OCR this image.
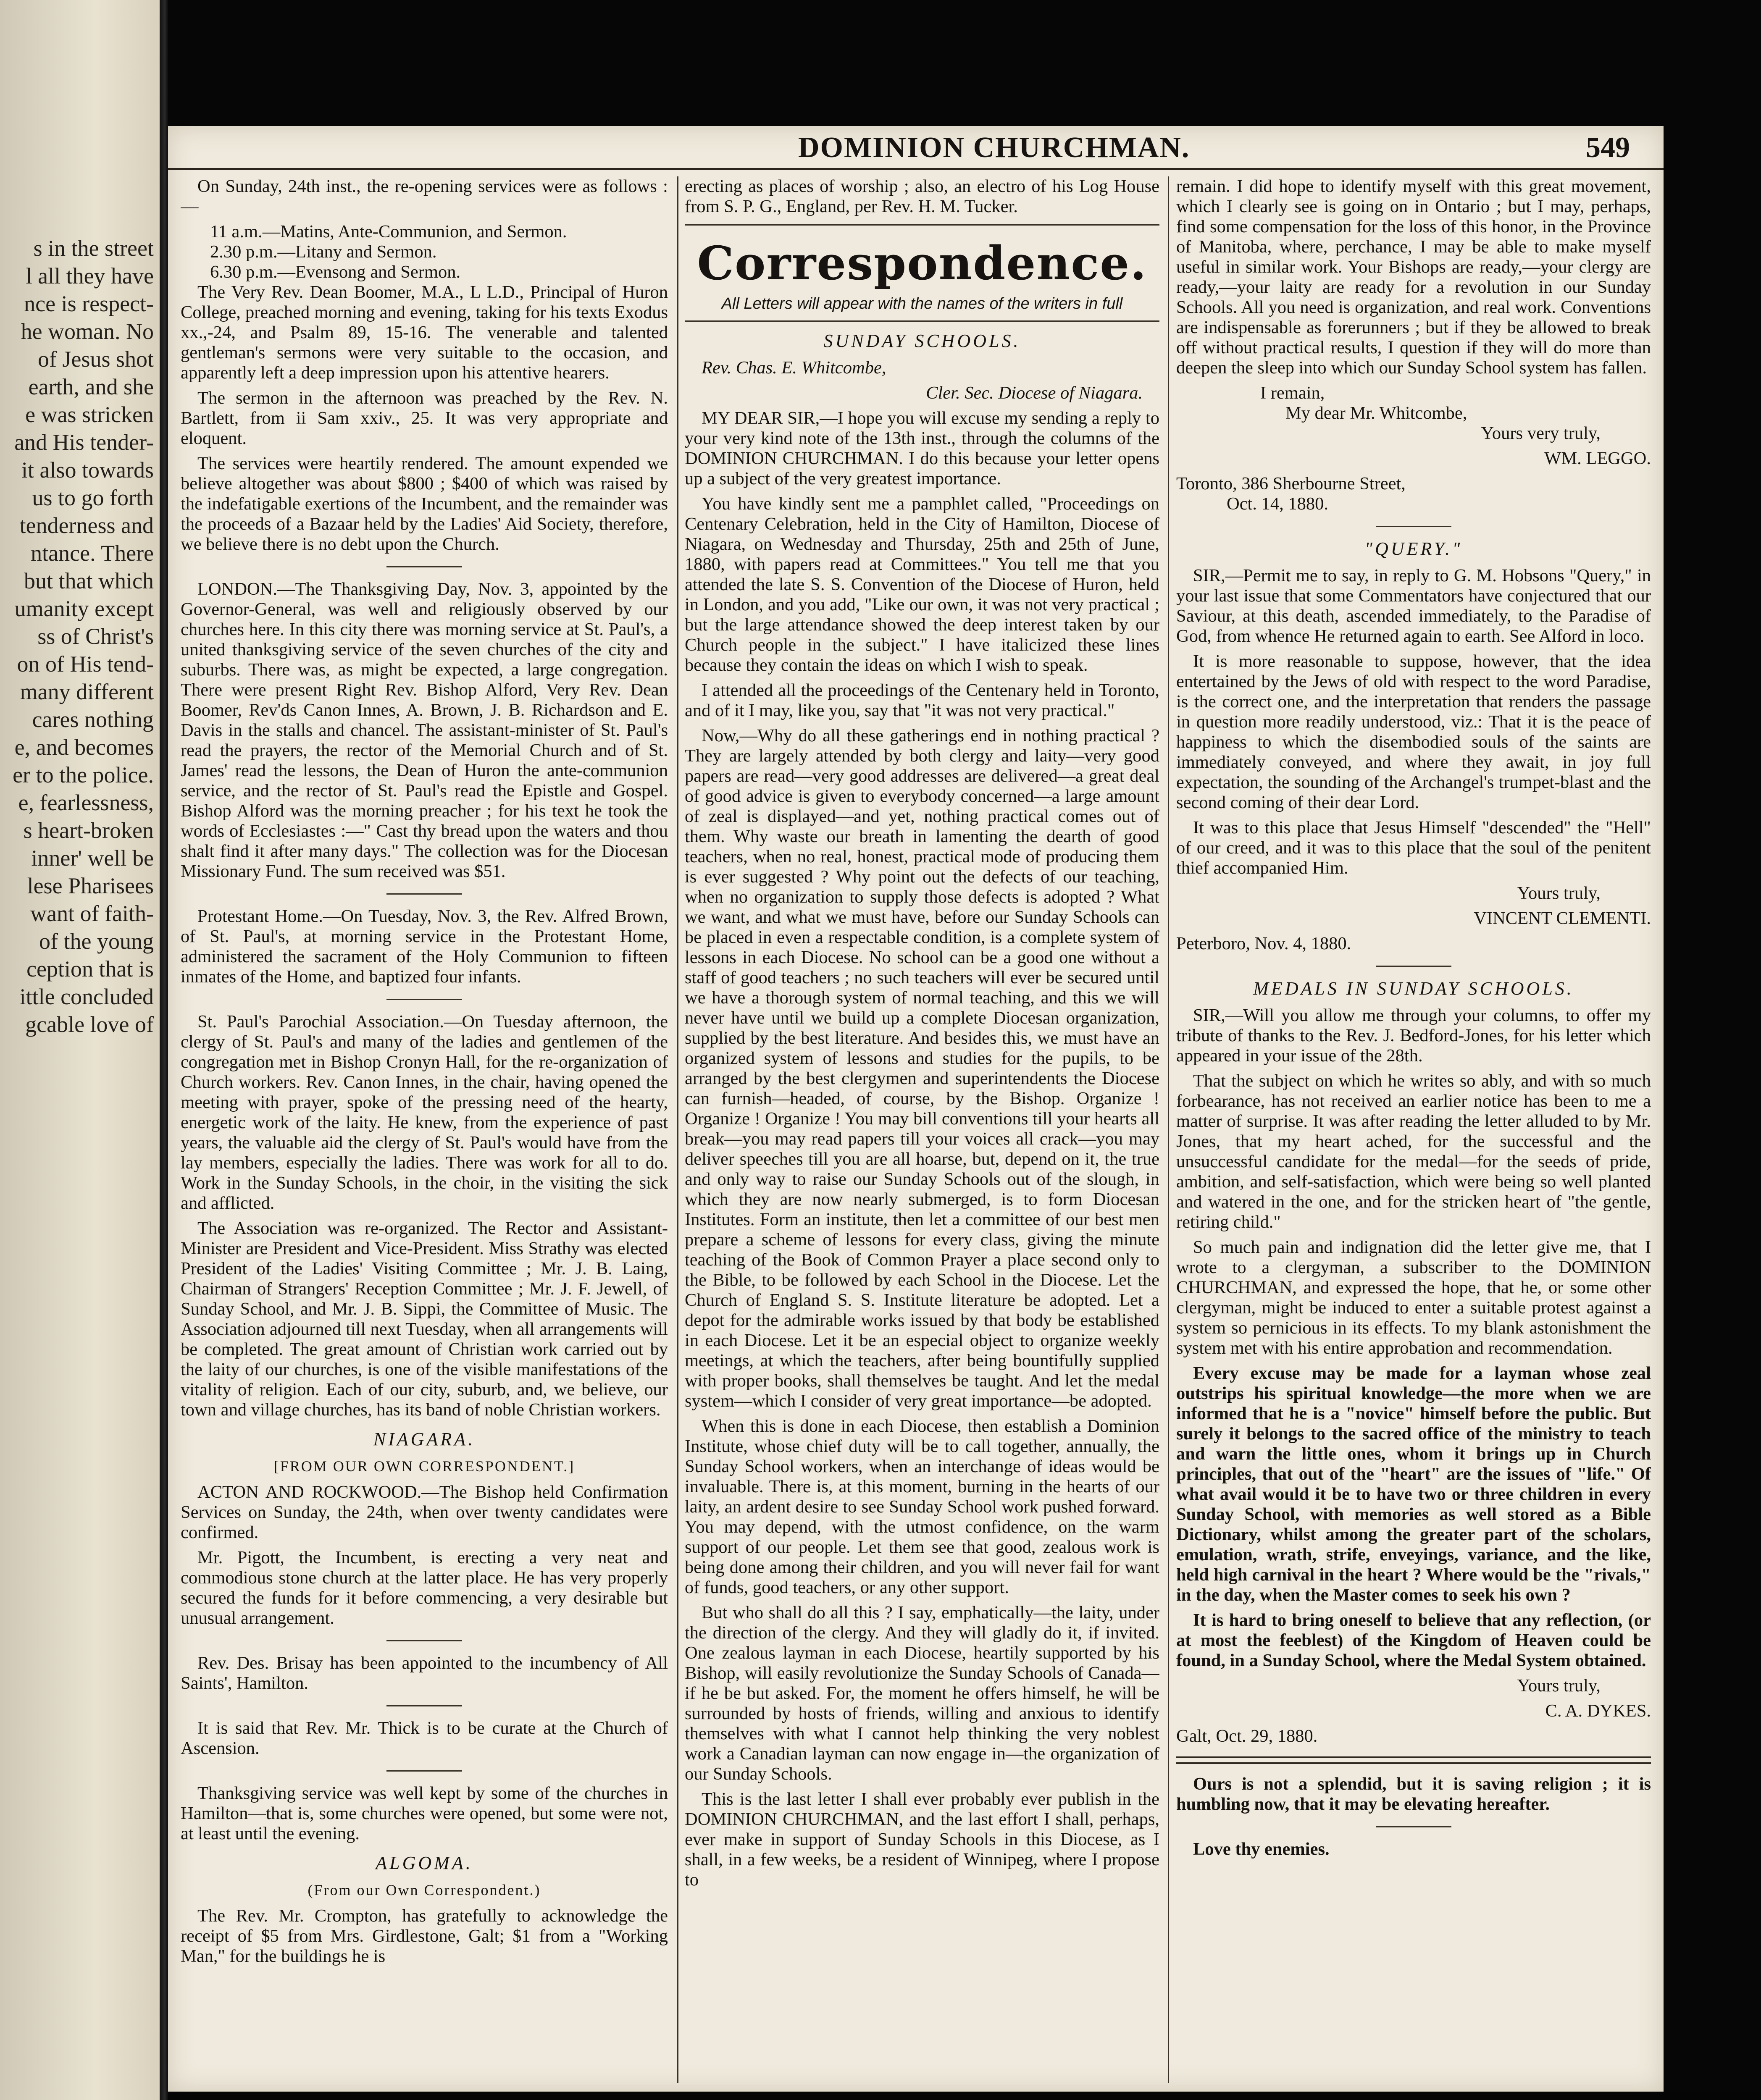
s in the street
l all they have
nce is respect-
he woman. No
of Jesus shot
earth, and she
e was stricken
and His tender-
it also towards
us to go forth
tenderness and
ntance. There
but that which
umanity except
ss of Christ's
on of His tend-
many different
cares nothing
e, and becomes
er to the police.
e, fearlessness,
s heart-broken
inner' well be
lese Pharisees
want of faith-
of the young
ception that is
ittle concluded
gcable love of
DOMINION CHURCHMAN.	549

On Sunday, 24th inst., the re-opening services were as follows :—

11 a.m.—Matins, Ante-Communion, and Sermon.

2.30 p.m.—Litany and Sermon.

6.30 p.m.—Evensong and Sermon.

The Very Rev. Dean Boomer, M.A., L L.D., Principal of Huron College, preached morning and evening, taking for his texts Exodus xx.,-24, and Psalm 89, 15-16. The venerable and talented gentleman's sermons were very suitable to the occasion, and apparently left a deep impression upon his attentive hearers.

The sermon in the afternoon was preached by the Rev. N. Bartlett, from ii Sam xxiv., 25. It was very appropriate and eloquent.

The services were heartily rendered. The amount expended we believe altogether was about $800 ; $400 of which was raised by the indefatigable exertions of the Incumbent, and the remainder was the proceeds of a Bazaar held by the Ladies' Aid Society, therefore, we believe there is no debt upon the Church.

LONDON.—The Thanksgiving Day, Nov. 3, appointed by the Governor-General, was well and religiously observed by our churches here. In this city there was morning service at St. Paul's, a united thanksgiving service of the seven churches of the city and suburbs. There was, as might be expected, a large congregation. There were present Right Rev. Bishop Alford, Very Rev. Dean Boomer, Rev'ds Canon Innes, A. Brown, J. B. Richardson and E. Davis in the stalls and chancel. The assistant-minister of St. Paul's read the prayers, the rector of the Memorial Church and of St. James' read the lessons, the Dean of Huron the ante-communion service, and the rector of St. Paul's read the Epistle and Gospel. Bishop Alford was the morning preacher ; for his text he took the words of Ecclesiastes :—" Cast thy bread upon the waters and thou shalt find it after many days." The collection was for the Diocesan Missionary Fund. The sum received was $51.

Protestant Home.—On Tuesday, Nov. 3, the Rev. Alfred Brown, of St. Paul's, at morning service in the Protestant Home, administered the sacrament of the Holy Communion to fifteen inmates of the Home, and baptized four infants.

St. Paul's Parochial Association.—On Tuesday afternoon, the clergy of St. Paul's and many of the ladies and gentlemen of the congregation met in Bishop Cronyn Hall, for the re-organization of Church workers. Rev. Canon Innes, in the chair, having opened the meeting with prayer, spoke of the pressing need of the hearty, energetic work of the laity. He knew, from the experience of past years, the valuable aid the clergy of St. Paul's would have from the lay members, especially the ladies. There was work for all to do. Work in the Sunday Schools, in the choir, in the visiting the sick and afflicted.

The Association was re-organized. The Rector and Assistant-Minister are President and Vice-President. Miss Strathy was elected President of the Ladies' Visiting Committee ; Mr. J. B. Laing, Chairman of Strangers' Reception Committee ; Mr. J. F. Jewell, of Sunday School, and Mr. J. B. Sippi, the Committee of Music. The Association adjourned till next Tuesday, when all arrangements will be completed. The great amount of Christian work carried out by the laity of our churches, is one of the visible manifestations of the vitality of religion. Each of our city, suburb, and, we believe, our town and village churches, has its band of noble Christian workers.

NIAGARA.
[FROM OUR OWN CORRESPONDENT.]

ACTON AND ROCKWOOD.—The Bishop held Confirmation Services on Sunday, the 24th, when over twenty candidates were confirmed.

Mr. Pigott, the Incumbent, is erecting a very neat and commodious stone church at the latter place. He has very properly secured the funds for it before commencing, a very desirable but unusual arrangement.

Rev. Des. Brisay has been appointed to the incumbency of All Saints', Hamilton.

It is said that Rev. Mr. Thick is to be curate at the Church of Ascension.

Thanksgiving service was well kept by some of the churches in Hamilton—that is, some churches were opened, but some were not, at least until the evening.

ALGOMA.
(From our Own Correspondent.)

The Rev. Mr. Crompton, has gratefully to acknowledge the receipt of $5 from Mrs. Girdlestone, Galt; $1 from a "Working Man," for the buildings he is

erecting as places of worship ; also, an electro of his Log House from S. P. G., England, per Rev. H. M. Tucker.

Correspondence.
All Letters will appear with the names of the writers in full
SUNDAY SCHOOLS.

Rev. Chas. E. Whitcombe,

Cler. Sec. Diocese of Niagara.

MY DEAR SIR,—I hope you will excuse my sending a reply to your very kind note of the 13th inst., through the columns of the DOMINION CHURCHMAN. I do this because your letter opens up a subject of the very greatest importance.

You have kindly sent me a pamphlet called, "Proceedings on Centenary Celebration, held in the City of Hamilton, Diocese of Niagara, on Wednesday and Thursday, 25th and 25th of June, 1880, with papers read at Committees." You tell me that you attended the late S. S. Convention of the Diocese of Huron, held in London, and you add, "Like our own, it was not very practical ; but the large attendance showed the deep interest taken by our Church people in the subject." I have italicized these lines because they contain the ideas on which I wish to speak.

I attended all the proceedings of the Centenary held in Toronto, and of it I may, like you, say that "it was not very practical."

Now,—Why do all these gatherings end in nothing practical ? They are largely attended by both clergy and laity—very good papers are read—very good addresses are delivered—a great deal of good advice is given to everybody concerned—a large amount of zeal is displayed—and yet, nothing practical comes out of them. Why waste our breath in lamenting the dearth of good teachers, when no real, honest, practical mode of producing them is ever suggested ? Why point out the defects of our teaching, when no organization to supply those defects is adopted ? What we want, and what we must have, before our Sunday Schools can be placed in even a respectable condition, is a complete system of lessons in each Diocese. No school can be a good one without a staff of good teachers ; no such teachers will ever be secured until we have a thorough system of normal teaching, and this we will never have until we build up a complete Diocesan organization, supplied by the best literature. And besides this, we must have an organized system of lessons and studies for the pupils, to be arranged by the best clergymen and superintendents the Diocese can furnish—headed, of course, by the Bishop. Organize ! Organize ! Organize ! You may bill conventions till your hearts all break—you may read papers till your voices all crack—you may deliver speeches till you are all hoarse, but, depend on it, the true and only way to raise our Sunday Schools out of the slough, in which they are now nearly submerged, is to form Diocesan Institutes. Form an institute, then let a committee of our best men prepare a scheme of lessons for every class, giving the minute teaching of the Book of Common Prayer a place second only to the Bible, to be followed by each School in the Diocese. Let the Church of England S. S. Institute literature be adopted. Let a depot for the admirable works issued by that body be established in each Diocese. Let it be an especial object to organize weekly meetings, at which the teachers, after being bountifully supplied with proper books, shall themselves be taught. And let the medal system—which I consider of very great importance—be adopted.

When this is done in each Diocese, then establish a Dominion Institute, whose chief duty will be to call together, annually, the Sunday School workers, when an interchange of ideas would be invaluable. There is, at this moment, burning in the hearts of our laity, an ardent desire to see Sunday School work pushed forward. You may depend, with the utmost confidence, on the warm support of our people. Let them see that good, zealous work is being done among their children, and you will never fail for want of funds, good teachers, or any other support.

But who shall do all this ? I say, emphatically—the laity, under the direction of the clergy. And they will gladly do it, if invited. One zealous layman in each Diocese, heartily supported by his Bishop, will easily revolutionize the Sunday Schools of Canada—if he be but asked. For, the moment he offers himself, he will be surrounded by hosts of friends, willing and anxious to identify themselves with what I cannot help thinking the very noblest work a Canadian layman can now engage in—the organization of our Sunday Schools.

This is the last letter I shall ever probably ever publish in the DOMINION CHURCHMAN, and the last effort I shall, perhaps, ever make in support of Sunday Schools in this Diocese, as I shall, in a few weeks, be a resident of Winnipeg, where I propose to

remain. I did hope to identify myself with this great movement, which I clearly see is going on in Ontario ; but I may, perhaps, find some compensation for the loss of this honor, in the Province of Manitoba, where, perchance, I may be able to make myself useful in similar work. Your Bishops are ready,—your clergy are ready,—your laity are ready for a revolution in our Sunday Schools. All you need is organization, and real work. Conventions are indispensable as forerunners ; but if they be allowed to break off without practical results, I question if they will do more than deepen the sleep into which our Sunday School system has fallen.

I remain,

My dear Mr. Whitcombe,

Yours very truly,

WM. LEGGO.

Toronto, 386 Sherbourne Street,

Oct. 14, 1880.

"QUERY."

SIR,—Permit me to say, in reply to G. M. Hobsons "Query," in your last issue that some Commentators have conjectured that our Saviour, at this death, ascended immediately, to the Paradise of God, from whence He returned again to earth. See Alford in loco.

It is more reasonable to suppose, however, that the idea entertained by the Jews of old with respect to the word Paradise, is the correct one, and the interpretation that renders the passage in question more readily understood, viz.: That it is the peace of happiness to which the disembodied souls of the saints are immediately conveyed, and where they await, in joy full expectation, the sounding of the Archangel's trumpet-blast and the second coming of their dear Lord.

It was to this place that Jesus Himself "descended" the "Hell" of our creed, and it was to this place that the soul of the penitent thief accompanied Him.

Yours truly,

VINCENT CLEMENTI.

Peterboro, Nov. 4, 1880.

MEDALS IN SUNDAY SCHOOLS.

SIR,—Will you allow me through your columns, to offer my tribute of thanks to the Rev. J. Bedford-Jones, for his letter which appeared in your issue of the 28th.

That the subject on which he writes so ably, and with so much forbearance, has not received an earlier notice has been to me a matter of surprise. It was after reading the letter alluded to by Mr. Jones, that my heart ached, for the successful and the unsuccessful candidate for the medal—for the seeds of pride, ambition, and self-satisfaction, which were being so well planted and watered in the one, and for the stricken heart of "the gentle, retiring child."

So much pain and indignation did the letter give me, that I wrote to a clergyman, a subscriber to the DOMINION CHURCHMAN, and expressed the hope, that he, or some other clergyman, might be induced to enter a suitable protest against a system so pernicious in its effects. To my blank astonishment the system met with his entire approbation and recommendation.

Every excuse may be made for a layman whose zeal outstrips his spiritual knowledge—the more when we are informed that he is a "novice" himself before the public. But surely it belongs to the sacred office of the ministry to teach and warn the little ones, whom it brings up in Church principles, that out of the "heart" are the issues of "life." Of what avail would it be to have two or three children in every Sunday School, with memories as well stored as a Bible Dictionary, whilst among the greater part of the scholars, emulation, wrath, strife, enveyings, variance, and the like, held high carnival in the heart ? Where would be the "rivals," in the day, when the Master comes to seek his own ?

It is hard to bring oneself to believe that any reflection, (or at most the feeblest) of the Kingdom of Heaven could be found, in a Sunday School, where the Medal System obtained.

Yours truly,

C. A. DYKES.

Galt, Oct. 29, 1880.

Ours is not a splendid, but it is saving religion ; it is humbling now, that it may be elevating hereafter.

Love thy enemies.
